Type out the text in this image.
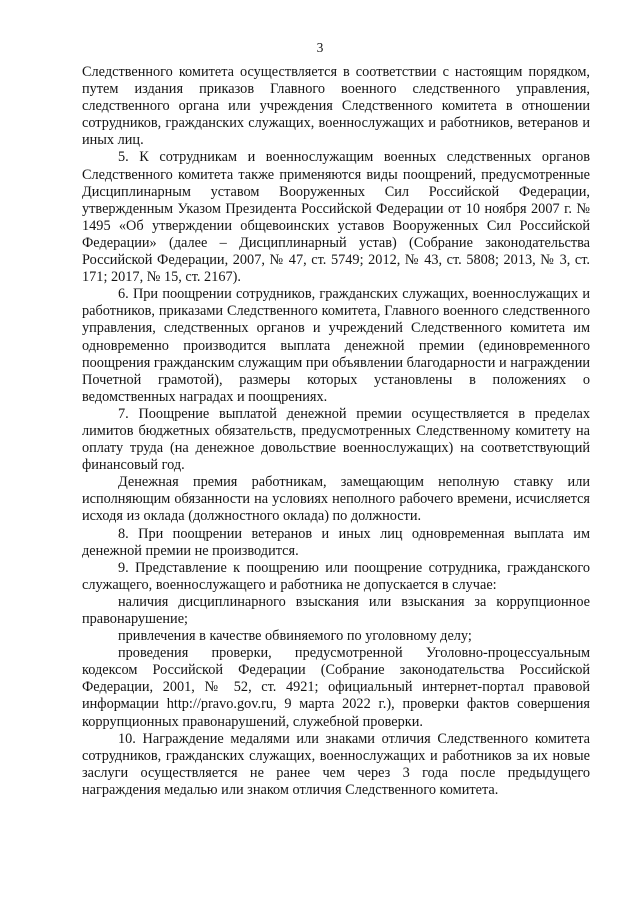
3

Следственного комитета осуществляется в соответствии с настоящим порядком, путем издания приказов Главного военного следственного управления, следственного органа или учреждения Следственного комитета в отношении сотрудников, гражданских служащих, военнослужащих и работников, ветеранов и иных лиц.

5. К сотрудникам и военнослужащим военных следственных органов Следственного комитета также применяются виды поощрений, предусмотренные Дисциплинарным уставом Вооруженных Сил Российской Федерации, утвержденным Указом Президента Российской Федерации от 10 ноября 2007 г. № 1495 «Об утверждении общевоинских уставов Вооруженных Сил Российской Федерации» (далее – Дисциплинарный устав) (Собрание законодательства Российской Федерации, 2007, № 47, ст. 5749; 2012, № 43, ст. 5808; 2013, № 3, ст. 171; 2017, № 15, ст. 2167).

6. При поощрении сотрудников, гражданских служащих, военнослужащих и работников, приказами Следственного комитета, Главного военного следственного управления, следственных органов и учреждений Следственного комитета им одновременно производится выплата денежной премии (единовременного поощрения гражданским служащим при объявлении благодарности и награждении Почетной грамотой), размеры которых установлены в положениях о ведомственных наградах и поощрениях.

7. Поощрение выплатой денежной премии осуществляется в пределах лимитов бюджетных обязательств, предусмотренных Следственному комитету на оплату труда (на денежное довольствие военнослужащих) на соответствующий финансовый год.

Денежная премия работникам, замещающим неполную ставку или исполняющим обязанности на условиях неполного рабочего времени, исчисляется исходя из оклада (должностного оклада) по должности.

8. При поощрении ветеранов и иных лиц одновременная выплата им денежной премии не производится.

9. Представление к поощрению или поощрение сотрудника, гражданского служащего, военнослужащего и работника не допускается в случае:

наличия дисциплинарного взыскания или взыскания за коррупционное правонарушение;

привлечения в качестве обвиняемого по уголовному делу;

проведения проверки, предусмотренной Уголовно-процессуальным кодексом Российской Федерации (Собрание законодательства Российской Федерации, 2001, № 52, ст. 4921; официальный интернет-портал правовой информации http://pravo.gov.ru, 9 марта 2022 г.), проверки фактов совершения коррупционных правонарушений, служебной проверки.

10. Награждение медалями или знаками отличия Следственного комитета сотрудников, гражданских служащих, военнослужащих и работников за их новые заслуги осуществляется не ранее чем через 3 года после предыдущего награждения медалью или знаком отличия Следственного комитета.
